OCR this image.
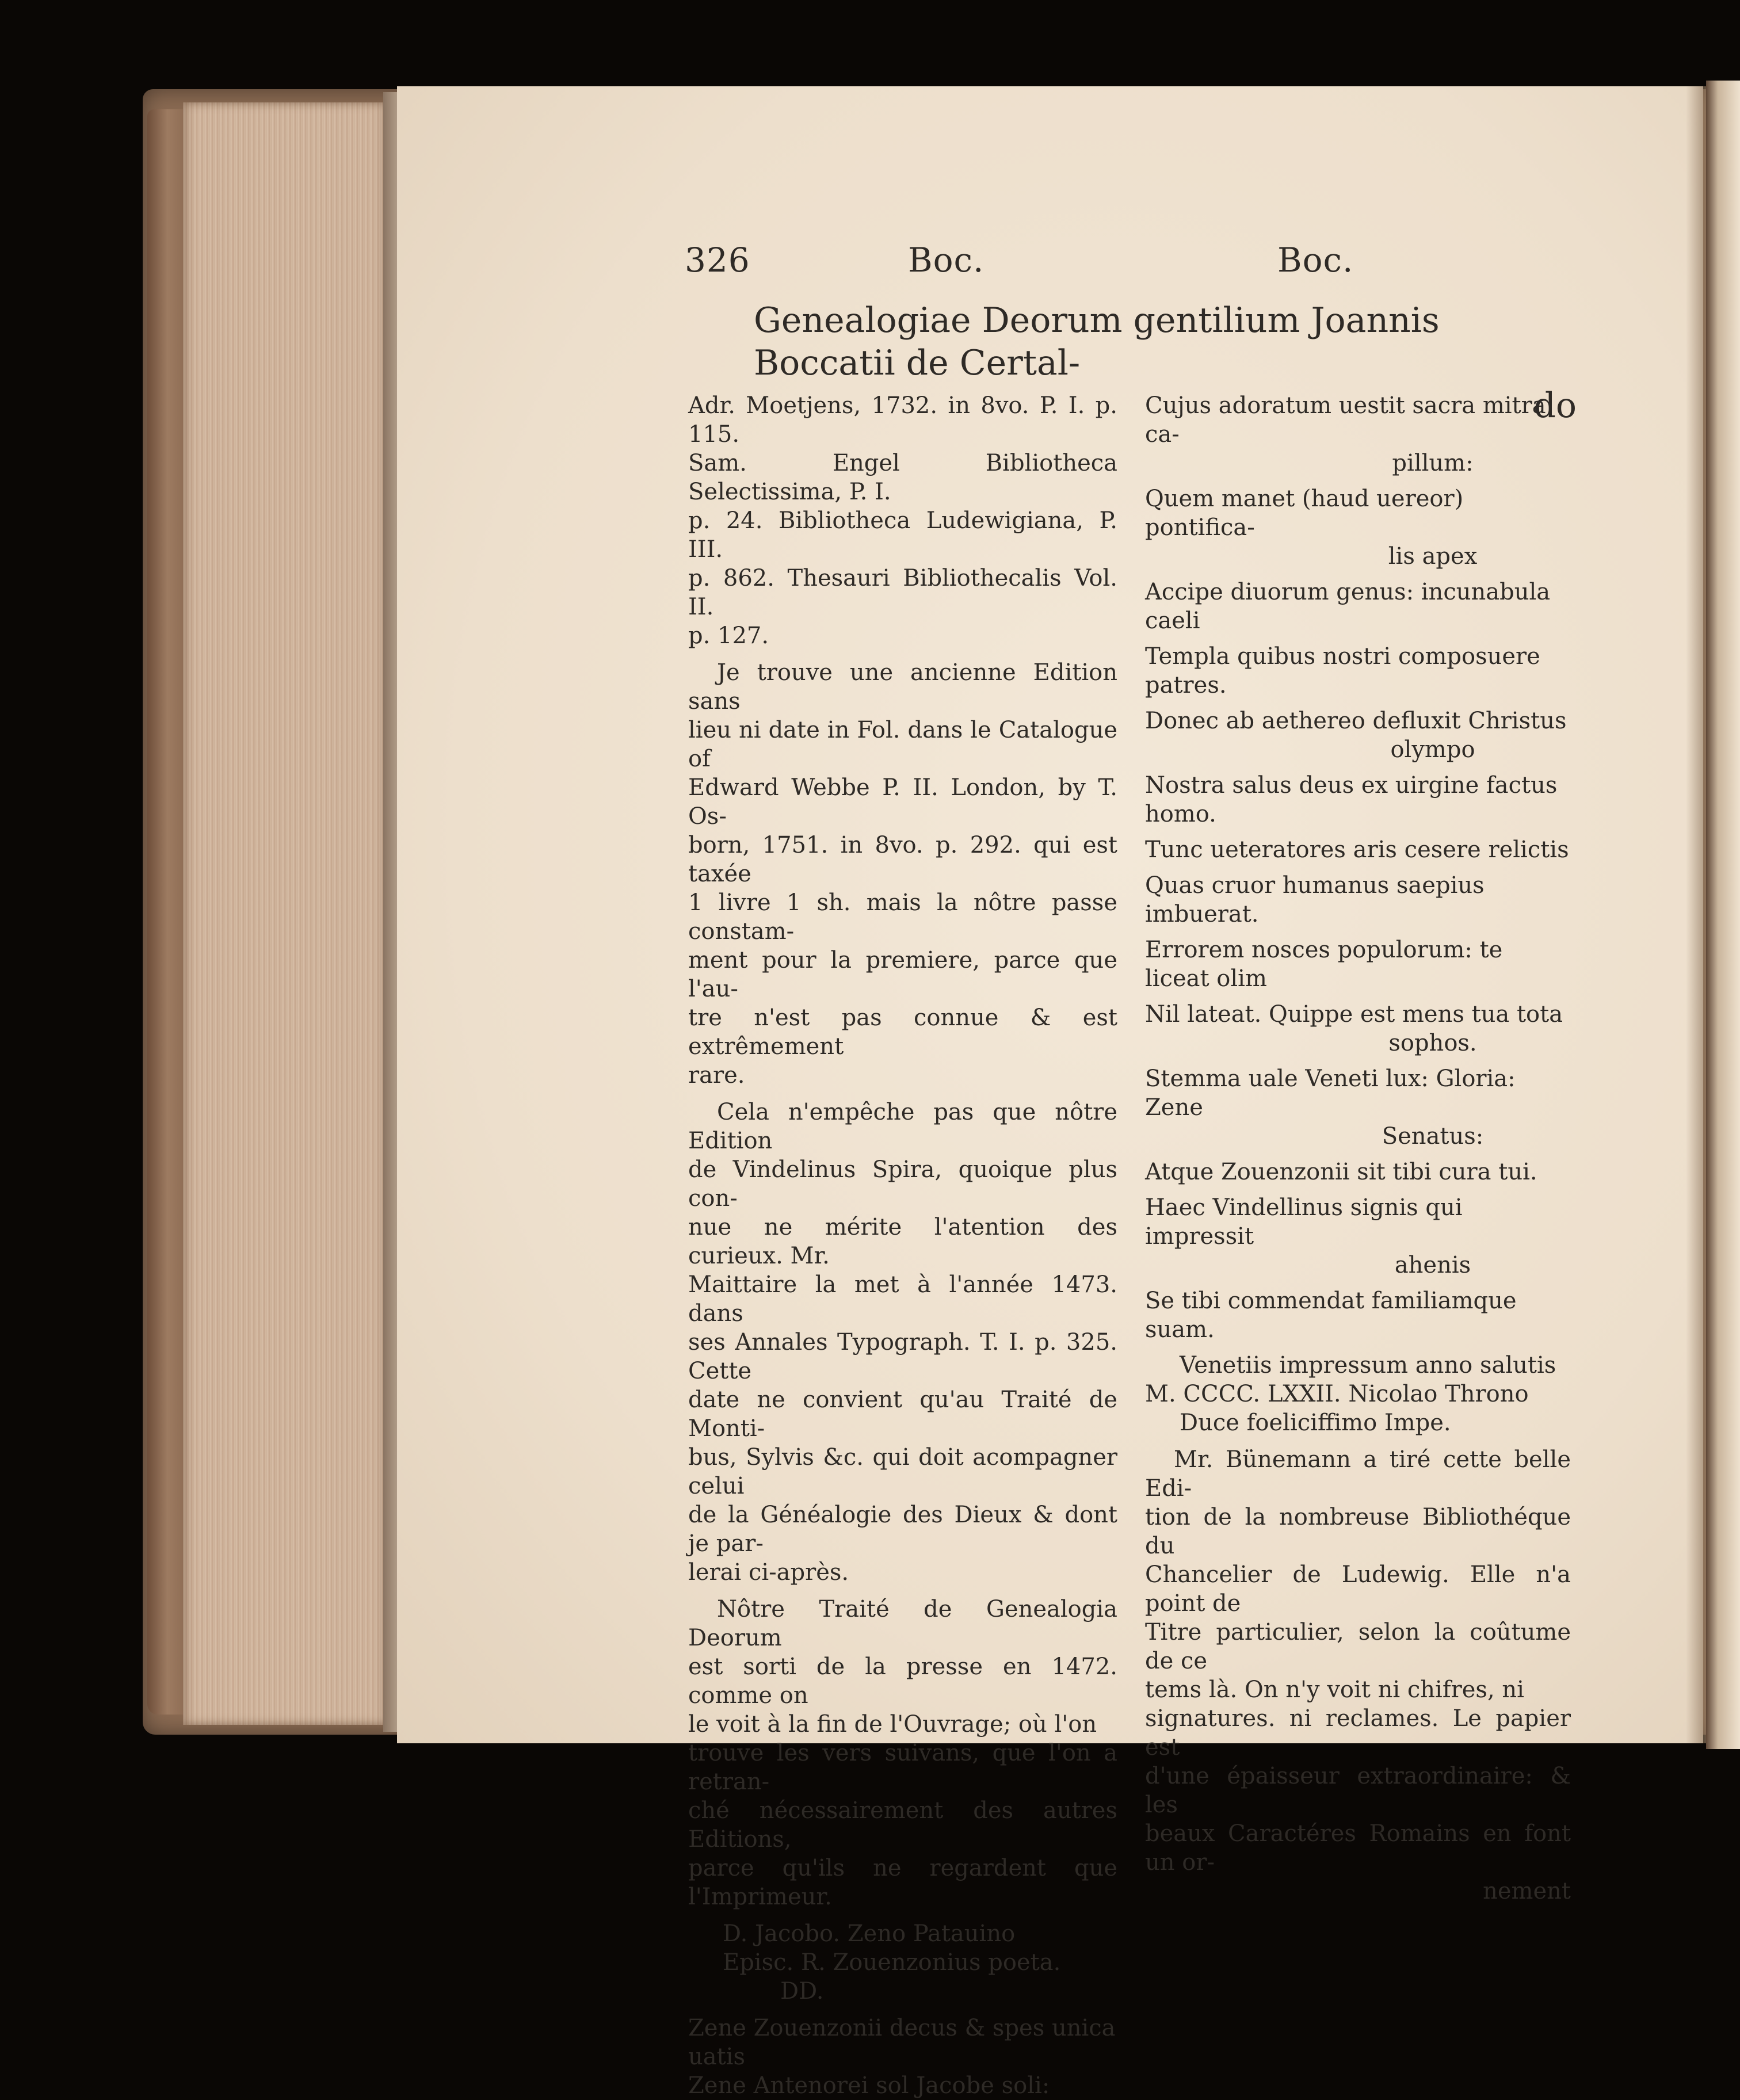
326	Boc.	Boc.
Genealogiae Deorum gentilium Joannis Boccatii de Certal-
do

Adr. Moetjens, 1732. in 8vo. P. I. p. 115.

Sam. Engel Bibliotheca Selectissima, P. I.

p. 24. Bibliotheca Ludewigiana, P. III.

p. 862. Thesauri Bibliothecalis Vol. II.

p. 127.

Je trouve une ancienne Edition sans

lieu ni date in Fol. dans le Catalogue of

Edward Webbe P. II. London, by T. Os-

born, 1751. in 8vo. p. 292. qui est taxée

1 livre 1 sh. mais la nôtre passe constam-

ment pour la premiere, parce que l'au-

tre n'est pas connue & est extrêmement

rare.

Cela n'empêche pas que nôtre Edition

de Vindelinus Spira, quoique plus con-

nue ne mérite l'atention des curieux. Mr.

Maittaire la met à l'année 1473. dans

ses Annales Typograph. T. I. p. 325. Cette

date ne convient qu'au Traité de Monti-

bus, Sylvis &c. qui doit acompagner celui

de la Généalogie des Dieux & dont je par-

lerai ci-après.

Nôtre Traité de Genealogia Deorum

est sorti de la presse en 1472. comme on

le voit à la fin de l'Ouvrage; où l'on

trouve les vers suivans, que l'on a retran-

ché nécessairement des autres Editions,

parce qu'ils ne regardent que l'Imprimeur.

D. Jacobo. Zeno Patauino

Episc. R. Zouenzonius poeta.

DD.

Zene Zouenzonii decus & spes unica uatis

Zene Antenorei sol Jacobe soli:

Cujus adoratum uestit sacra mitra ca-
pillum:
Quem manet (haud uereor) pontifica-
lis apex
Accipe diuorum genus: incunabula caeli
Templa quibus nostri composuere patres.
Donec ab aethereo defluxit Christus
olympo
Nostra salus deus ex uirgine factus homo.
Tunc ueteratores aris cesere relictis
Quas cruor humanus saepius imbuerat.
Errorem nosces populorum: te liceat olim
Nil lateat. Quippe est mens tua tota
sophos.
Stemma uale Veneti lux: Gloria: Zene
Senatus:
Atque Zouenzonii sit tibi cura tui.
Haec Vindellinus signis qui impressit
ahenis
Se tibi commendat familiamque suam.

Venetiis impressum anno salutis

M. CCCC. LXXII. Nicolao Throno

Duce foeliciffimo Impe.

Mr. Bünemann a tiré cette belle Edi-

tion de la nombreuse Bibliothéque du

Chancelier de Ludewig. Elle n'a point de

Titre particulier, selon la coûtume de ce

tems là. On n'y voit ni chifres, ni

signatures. ni reclames. Le papier est

d'une épaisseur extraordinaire: & les

beaux Caractéres Romains en font un or-

nement
